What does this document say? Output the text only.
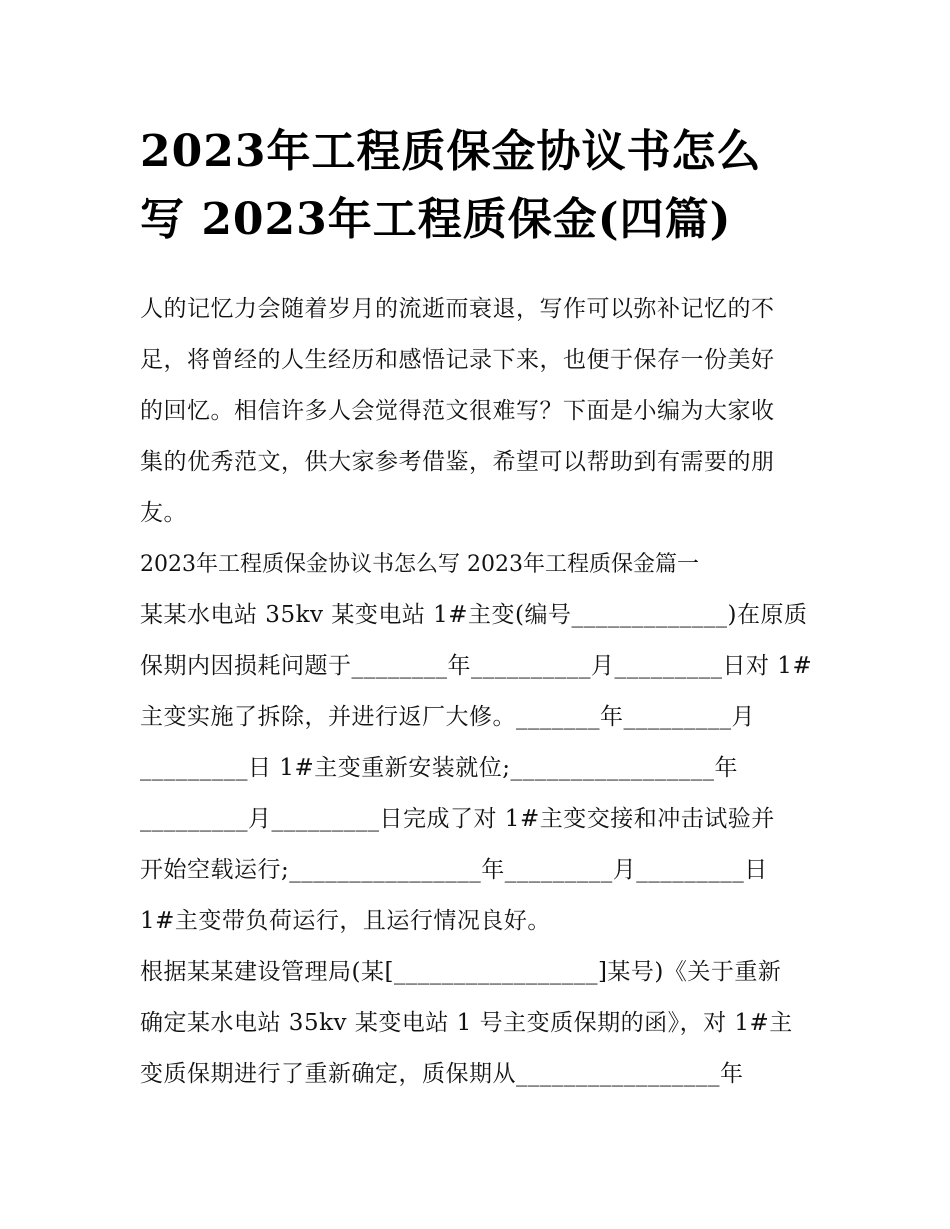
2023年工程质保金协议书怎么
写 2023年工程质保金(四篇)

人的记忆力会随着岁月的流逝而衰退，写作可以弥补记忆的不
足，将曾经的人生经历和感悟记录下来，也便于保存一份美好
的回忆。相信许多人会觉得范文很难写？下面是小编为大家收
集的优秀范文，供大家参考借鉴，希望可以帮助到有需要的朋
友。

2023年工程质保金协议书怎么写 2023年工程质保金篇一

某某水电站 35kv 某变电站 1#主变(编号_____________)在原质
保期内因损耗问题于________年__________月_________日对 1#
主变实施了拆除，并进行返厂大修。_______年_________月
_________日 1#主变重新安装就位;_________________年
_________月_________日完成了对 1#主变交接和冲击试验并
开始空载运行;________________年_________月_________日
1#主变带负荷运行，且运行情况良好。

根据某某建设管理局(某[_________________]某号)《关于重新
确定某水电站 35kv 某变电站 1 号主变质保期的函》，对 1#主
变质保期进行了重新确定，质保期从_________________年
